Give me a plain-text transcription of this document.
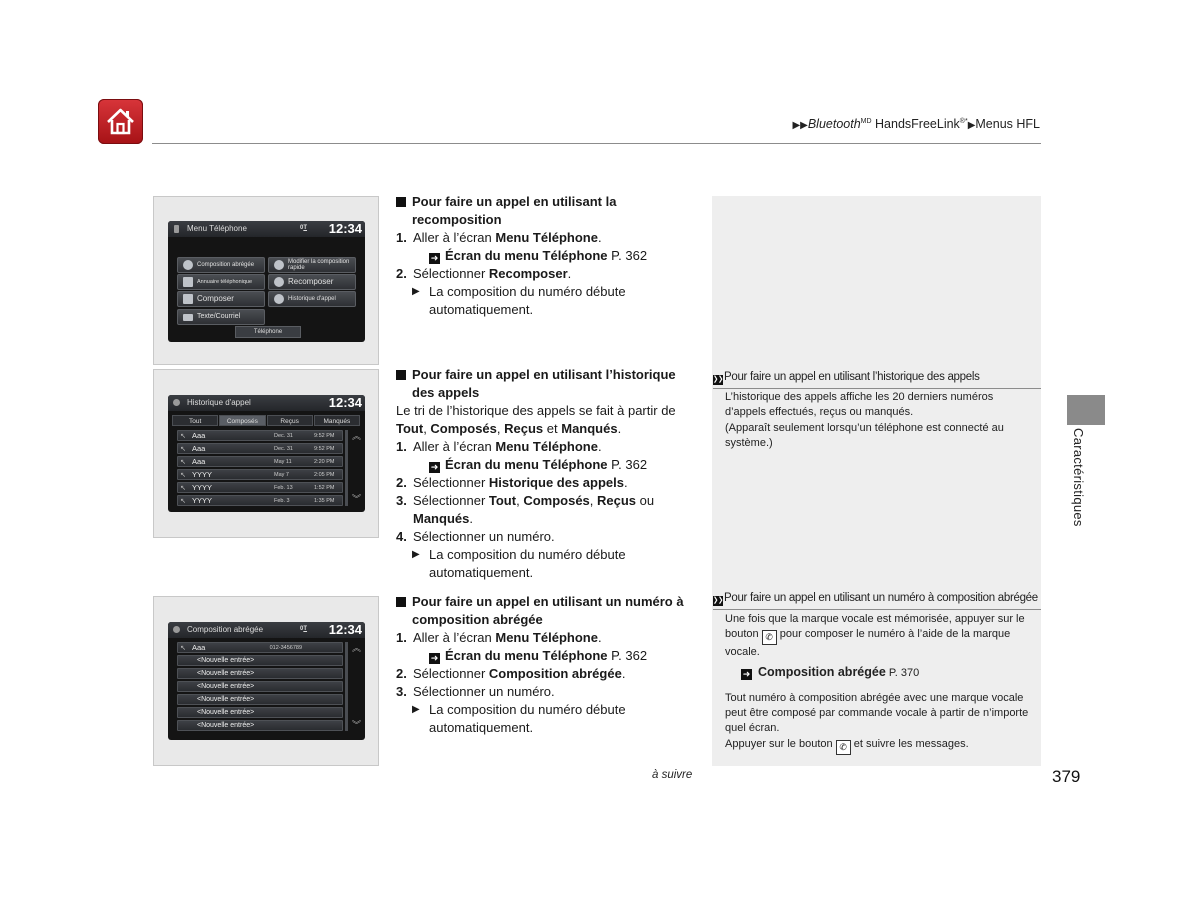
▶▶Bluetooth$^{MD}$ HandsFreeLink®*▶Menus HFL
Caractéristiques
Menu Téléphone	0T 12:34
Composition abrégée	Modifier la composition rapide
Annuaire téléphonique	Recomposer
Composer	Historique d'appel
Texte/Courriel
Téléphone
Historique d'appel	12:34
Tout	Composés	Reçus	Manqués
↖ Aaa	Dec. 31	9:52 PM
↖ Aaa	Dec. 31	9:52 PM
↖ Aaa	May 11	2:20 PM
↖ YYYY	May 7	2:05 PM
↖ YYYY	Feb. 13	1:52 PM
↖ YYYY	Feb. 3	1:35 PM
︽
︾
Composition abrégée	0T 12:34
↖ Aaa	012-3456789
<Nouvelle entrée>
<Nouvelle entrée>
<Nouvelle entrée>
<Nouvelle entrée>
<Nouvelle entrée>
<Nouvelle entrée>
︽
︾
Pour faire un appel en utilisant la recomposition
1. Aller à l’écran Menu Téléphone.
➜ Écran du menu Téléphone P. 362
2. Sélectionner Recomposer.
▶ La composition du numéro débute automatiquement.
Pour faire un appel en utilisant l’historique des appels
Le tri de l’historique des appels se fait à partir de Tout, Composés, Reçus et Manqués.
1. Aller à l’écran Menu Téléphone.
➜ Écran du menu Téléphone P. 362
2. Sélectionner Historique des appels.
3. Sélectionner Tout, Composés, Reçus ou Manqués.
4. Sélectionner un numéro.
▶ La composition du numéro débute automatiquement.
Pour faire un appel en utilisant un numéro à composition abrégée
1. Aller à l’écran Menu Téléphone.
➜ Écran du menu Téléphone P. 362
2. Sélectionner Composition abrégée.
3. Sélectionner un numéro.
▶ La composition du numéro débute automatiquement.
❯❯Pour faire un appel en utilisant l’historique des appels
L’historique des appels affiche les 20 derniers numéros d’appels effectués, reçus ou manqués.
(Apparaît seulement lorsqu’un téléphone est connecté au système.)
❯❯Pour faire un appel en utilisant un numéro à composition abrégée
Une fois que la marque vocale est mémorisée, appuyer sur le bouton ✆ pour composer le numéro à l’aide de la marque vocale.
➜ Composition abrégée P. 370
Tout numéro à composition abrégée avec une marque vocale peut être composé par commande vocale à partir de n’importe quel écran.
Appuyer sur le bouton ✆ et suivre les messages.
à suivre	379
